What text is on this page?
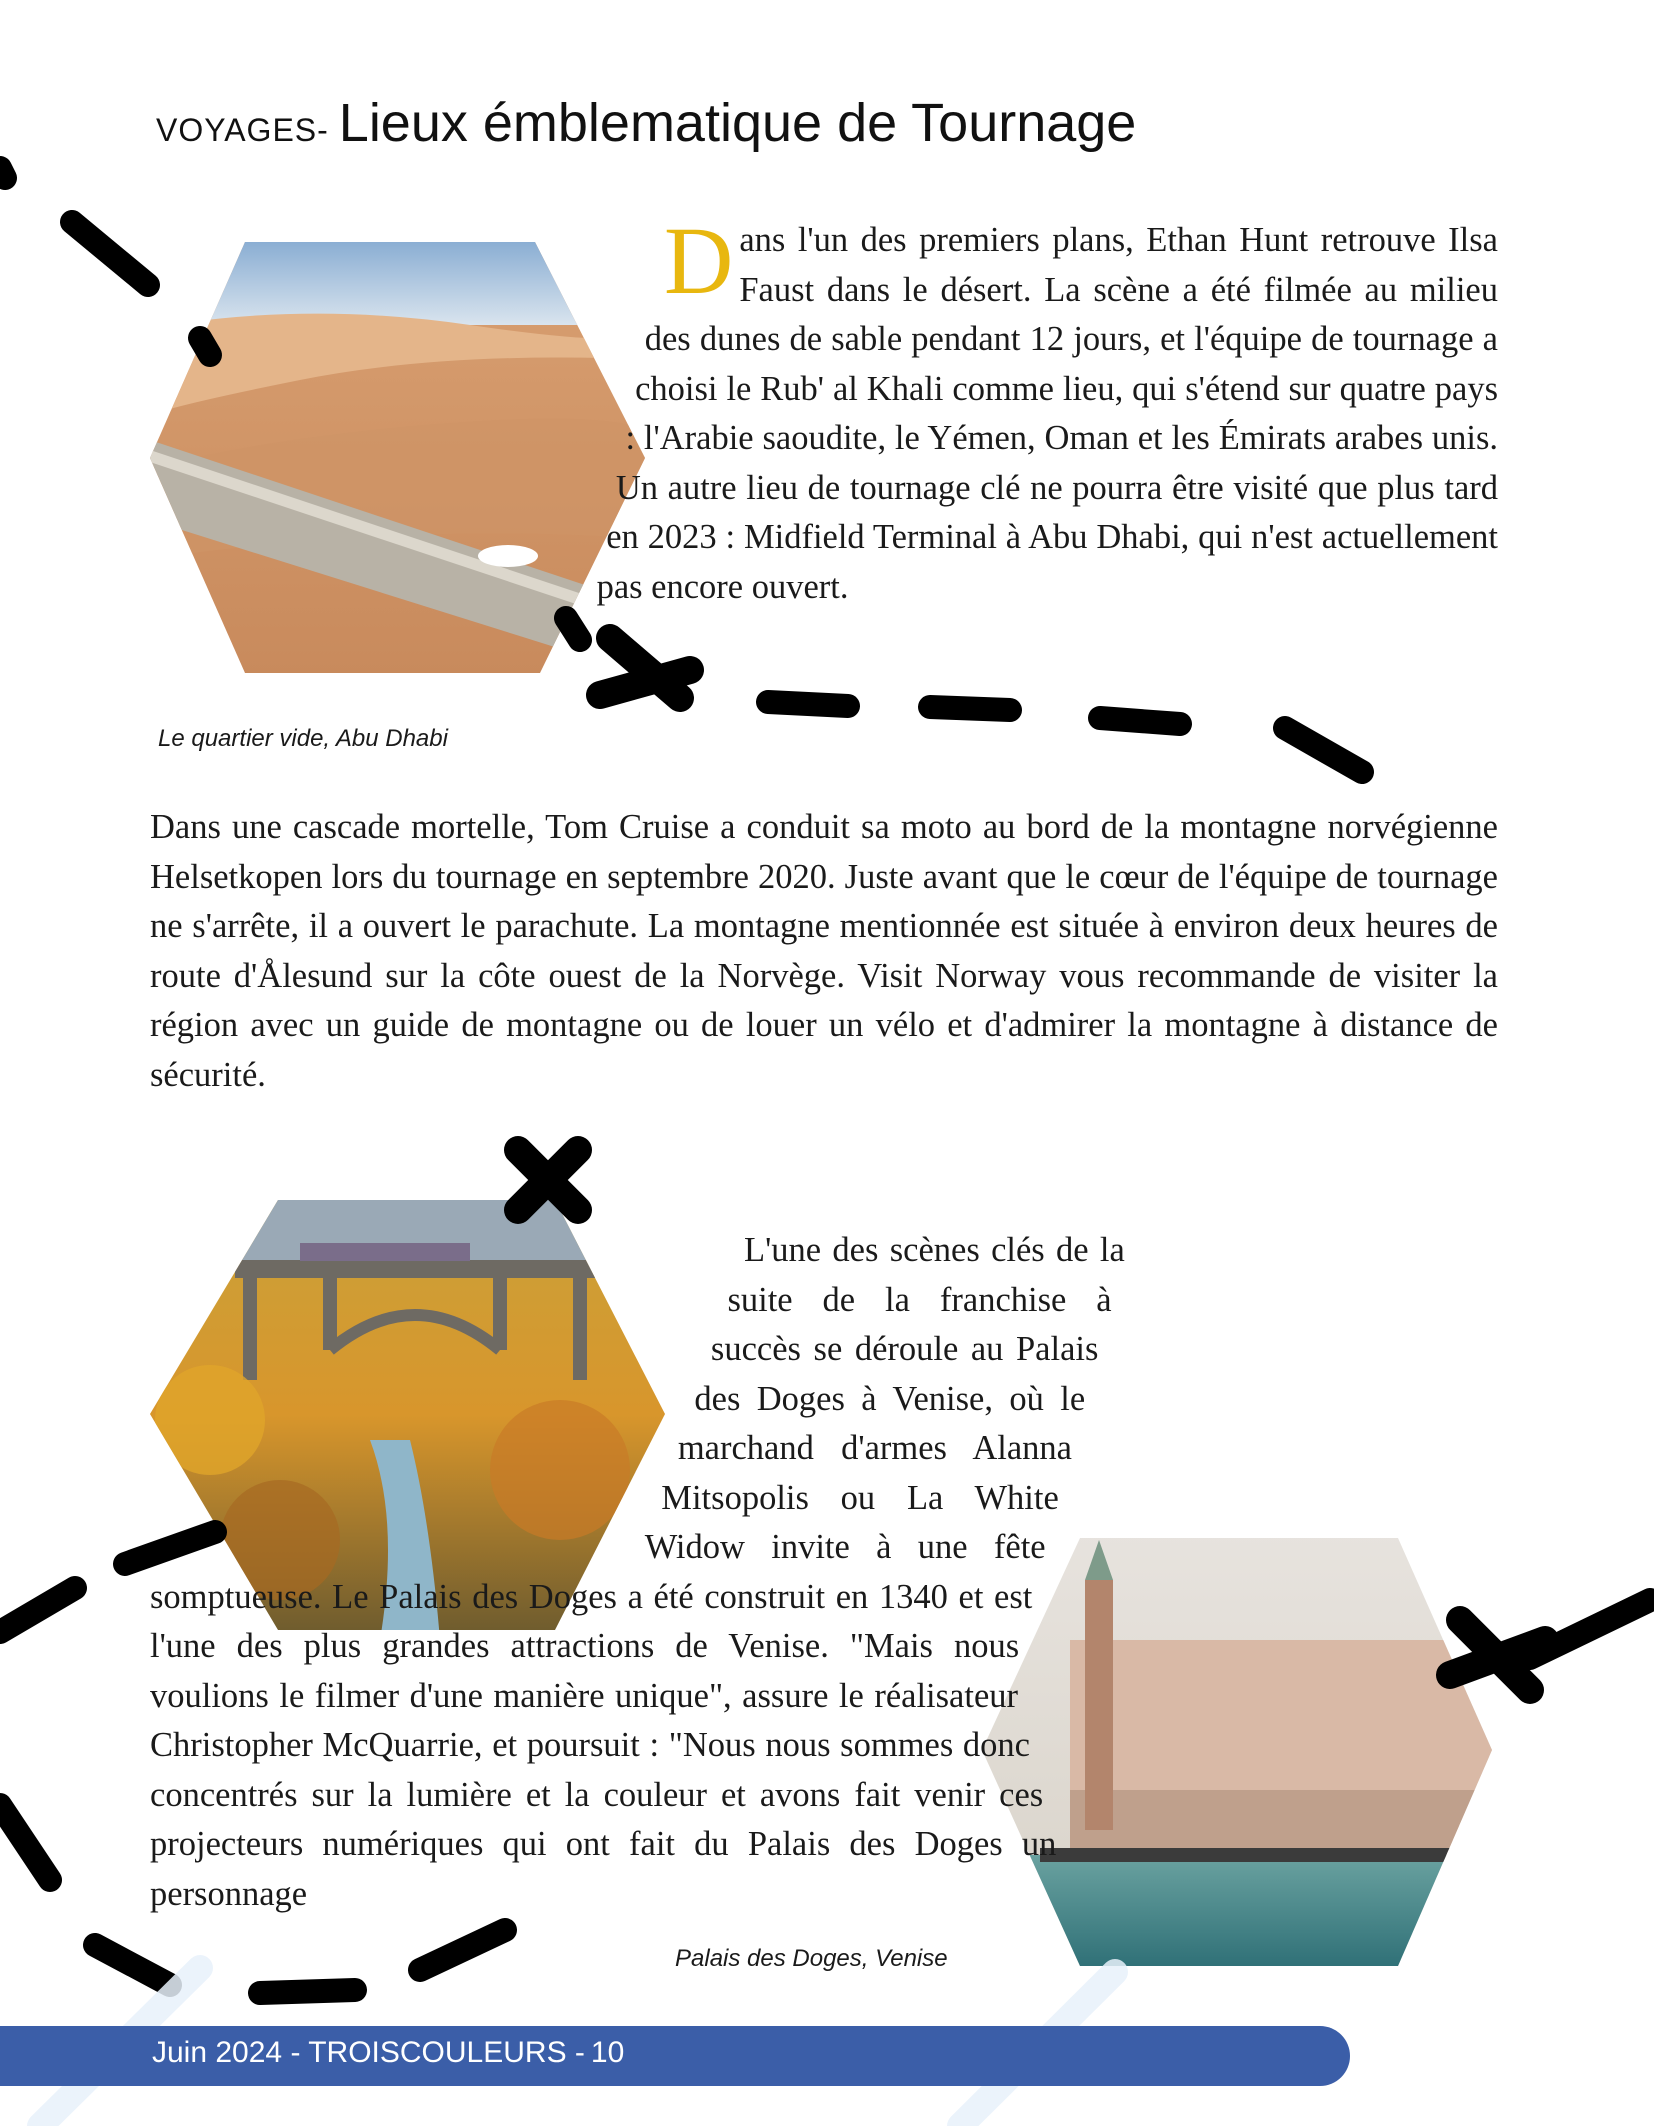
VOYAGES- Lieux émblematique de Tournage
Dans l'un des premiers plans, Ethan Hunt retrouve Ilsa Faust dans le désert. La scène a été filmée au milieu des dunes de sable pendant 12 jours, et l'équipe de tournage a choisi le Rub' al Khali comme lieu, qui s'étend sur quatre pays : l'Arabie saoudite, le Yémen, Oman et les Émirats arabes unis. Un autre lieu de tournage clé ne pourra être visité que plus tard en 2023 : Midfield Terminal à Abu Dhabi, qui n'est actuellement pas encore ouvert.
Le quartier vide, Abu Dhabi
Dans une cascade mortelle, Tom Cruise a conduit sa moto au bord de la montagne norvégienne Helsetkopen lors du tournage en septembre 2020. Juste avant que le cœur de l'équipe de tournage ne s'arrête, il a ouvert le parachute. La montagne mentionnée est située à environ deux heures de route d'Ålesund sur la côte ouest de la Norvège. Visit Norway vous recommande de visiter la région avec un guide de montagne ou de louer un vélo et d'admirer la montagne à distance de sécurité.
L'une des scènes clés de la suite de la franchise à succès se déroule au Palais des Doges à Venise, où le marchand d'armes Alanna Mitsopolis ou La White Widow invite à une fête somptueuse. Le Palais des Doges a été construit en 1340 et est l'une des plus grandes attractions de Venise. "Mais nous voulions le filmer d'une manière unique", assure le réalisateur Christopher McQuarrie, et poursuit : "Nous nous sommes donc concentrés sur la lumière et la couleur et avons fait venir ces projecteurs numériques qui ont fait du Palais des Doges un personnage
Palais des Doges, Venise
Juin 2024 - TROISCOULEURS - 10
